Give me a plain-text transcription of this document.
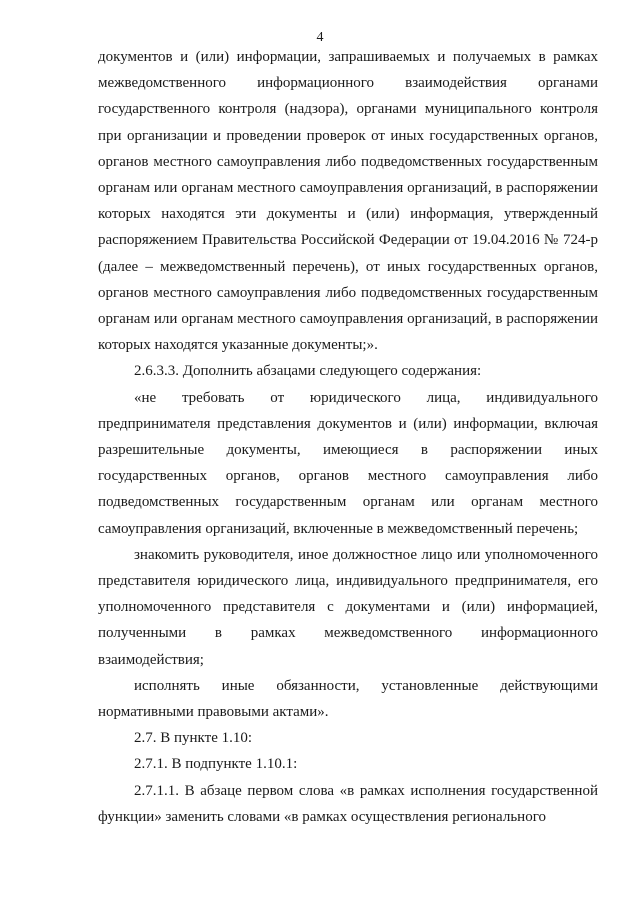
4

документов и (или) информации, запрашиваемых и получаемых в рамках межведомственного информационного взаимодействия органами государственного контроля (надзора), органами муниципального контроля при организации и проведении проверок от иных государственных органов, органов местного самоуправления либо подведомственных государственным органам или органам местного самоуправления организаций, в распоряжении которых находятся эти документы и (или) информация, утвержденный распоряжением Правительства Российской Федерации от 19.04.2016 № 724-р (далее – межведомственный перечень), от иных государственных органов, органов местного самоуправления либо подведомственных государственным органам или органам местного самоуправления организаций, в распоряжении которых находятся указанные документы;».

2.6.3.3. Дополнить абзацами следующего содержания:

«не требовать от юридического лица, индивидуального предпринимателя представления документов и (или) информации, включая разрешительные документы, имеющиеся в распоряжении иных государственных органов, органов местного самоуправления либо подведомственных государственным органам или органам местного самоуправления организаций, включенные в межведомственный перечень;

знакомить руководителя, иное должностное лицо или уполномоченного представителя юридического лица, индивидуального предпринимателя, его уполномоченного представителя с документами и (или) информацией, полученными в рамках межведомственного информационного взаимодействия;

исполнять иные обязанности, установленные действующими нормативными правовыми актами».

2.7. В пункте 1.10:

2.7.1. В подпункте 1.10.1:

2.7.1.1. В абзаце первом слова «в рамках исполнения государственной функции» заменить словами «в рамках осуществления регионального
